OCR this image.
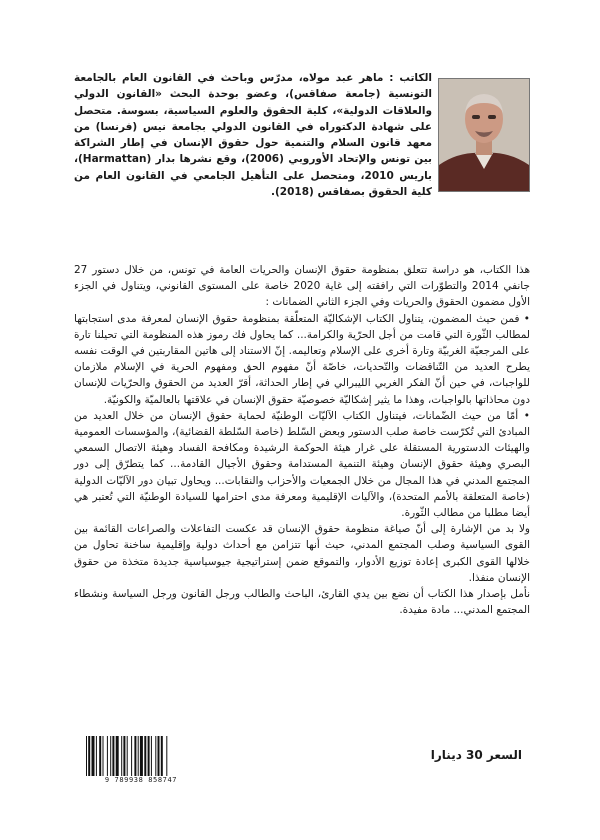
الكاتب : ماهر عبد مولاه، مدرّس وباحث في القانون العام بالجامعة التونسية (جامعة صفاقس)، وعضو بوحدة البحث «القانون الدولي والعلاقات الدولية»، كلية الحقوق والعلوم السياسية، بسوسة. متحصل على شهادة الدكتوراه في القانون الدولي بجامعة نيس (فرنسا) من معهد قانون السلام والتنمية حول حقوق الإنسان في إطار الشراكة بين تونس والإتحاد الأوروبي (2006)، وقع نشرها بدار (Harmattan)، باريس 2010، ومتحصل على التأهيل الجامعي في القانون العام من كلية الحقوق بصفاقس (2018).

هذا الكتاب، هو دراسة تتعلق بمنظومة حقوق الإنسان والحريات العامة في تونس، من خلال دستور 27 جانفي 2014 والتطوّرات التي رافقته إلى غاية 2020 خاصة على المستوى القانوني، ويتناول في الجزء الأول مضمون الحقوق والحريات وفي الجزء الثاني الضمانات :

• فمن حيث المضمون، يتناول الكتاب الإشكاليّة المتعلّقة بمنظومة حقوق الإنسان لمعرفة مدى استجابتها لمطالب الثّورة التي قامت من أجل الحرّية والكرامة... كما يحاول فك رموز هذه المنظومة التي تحيلنا تارة على المرجعيّة الغربيّة وتارة أخرى على الإسلام وتعاليمه. إنّ الاستناد إلى هاتين المقاربتين في الوقت نفسه يطرح العديد من التّناقضات والتّحديات، خاصّة أنّ مفهوم الحق ومفهوم الحرية في الإسلام ملازمان للواجبات، في حين أنّ الفكر الغربي الليبرالي في إطار الحداثة، أقرّ العديد من الحقوق والحرّيات للإنسان دون محاذاتها بالواجبات، وهذا ما يثير إشكاليّة خصوصيّة حقوق الإنسان في علاقتها بالعالميّة والكونيّة.

• أمّا من حيث الضّمانات، فيتناول الكتاب الآليّات الوطنيّة لحماية حقوق الإنسان من خلال العديد من المبادئ التي تُكرّست خاصة صلب الدستور وبعض السّلط (خاصة السّلطة القضائية)، والمؤسسات العمومية والهيئات الدستورية المستقلة على غرار هيئة الحوكمة الرشيدة ومكافحة الفساد وهيئة الاتصال السمعي البصري وهيئة حقوق الإنسان وهيئة التنمية المستدامة وحقوق الأجيال القادمة... كما يتطرّق إلى دور المجتمع المدني في هذا المجال من خلال الجمعيات والأحزاب والنقابات... ويحاول تبيان دور الآليّات الدولية (خاصة المتعلقة بالأمم المتحدة)، والآليات الإقليمية ومعرفة مدى احترامها للسيادة الوطنيّة التي تُعتبر هي أيضا مطلبا من مطالب الثّورة.

ولا بد من الإشارة إلى أنّ صياغة منظومة حقوق الإنسان قد عكست التفاعلات والصراعات القائمة بين القوى السياسية وصلب المجتمع المدني، حيث أنها تتزامن مع أحداث دولية وإقليمية ساخنة تحاول من خلالها القوى الكبرى إعادة توزيع الأدوار، والتموقع ضمن إستراتيجية جيوسياسية جديدة متخذة من حقوق الإنسان منفذا.

نأمل بإصدار هذا الكتاب أن نضع بين يدي القارئ، الباحث والطالب ورجل القانون ورجل السياسة ونشطاء المجتمع المدني... مادة مفيدة.

9 789938 858747

السعر 30 دينارا
